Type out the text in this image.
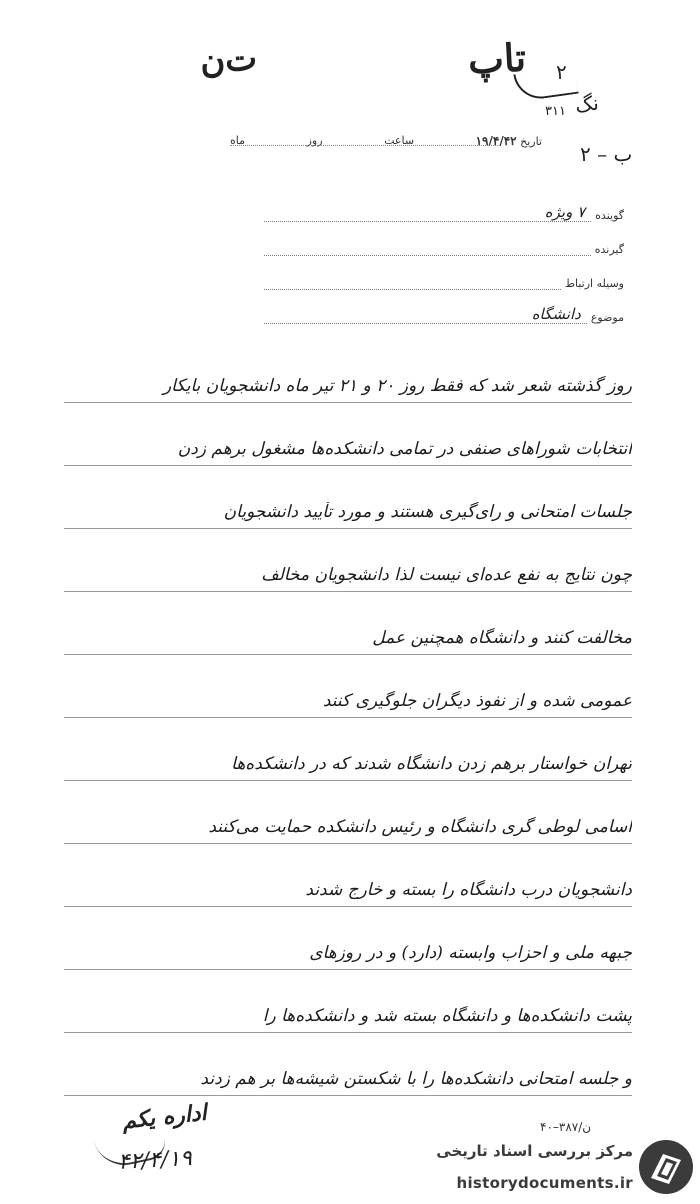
ت‌ن	تاپ ۲
نگ
۳۱۱
ب – ۲
تاریخ ۱۹/۴/۴۲
ساعت
روز
ماه
گوینده
۷ ویژه
گیرنده
وسیله ارتباط
موضوع
دانشگاه
روز گذشته شعر شد که فقط روز ۲۰ و ۲۱ تیر ماه دانشجویان بایکار
انتخابات شوراهای صنفی در تمامی دانشکده‌ها مشغول برهم زدن
جلسات امتحانی و رای‌گیری هستند و مورد تأیید دانشجویان
چون نتایج به نفع عده‌ای نیست لذا دانشجویان مخالف
مخالفت کنند و دانشگاه همچنین عمل
عمومی شده و از نفوذ دیگران جلوگیری کنند
تهران خواستار برهم زدن دانشگاه شدند که در دانشکده‌ها
اسامی لوطی گری دانشگاه و رئیس دانشکده حمایت می‌کنند
دانشجویان درب دانشگاه را بسته و خارج شدند
جبهه ملی و احزاب وابسته (دارد) و در روزهای
پشت دانشکده‌ها و دانشگاه بسته شد و دانشکده‌ها را
و جلسه امتحانی دانشکده‌ها را با شکستن شیشه‌ها بر هم زدند
۴۰–۳۸۷/ن
اداره یکم
۴۲/۴/۱۹	مرکز بررسی اسناد تاریخی
historydocuments.ir
